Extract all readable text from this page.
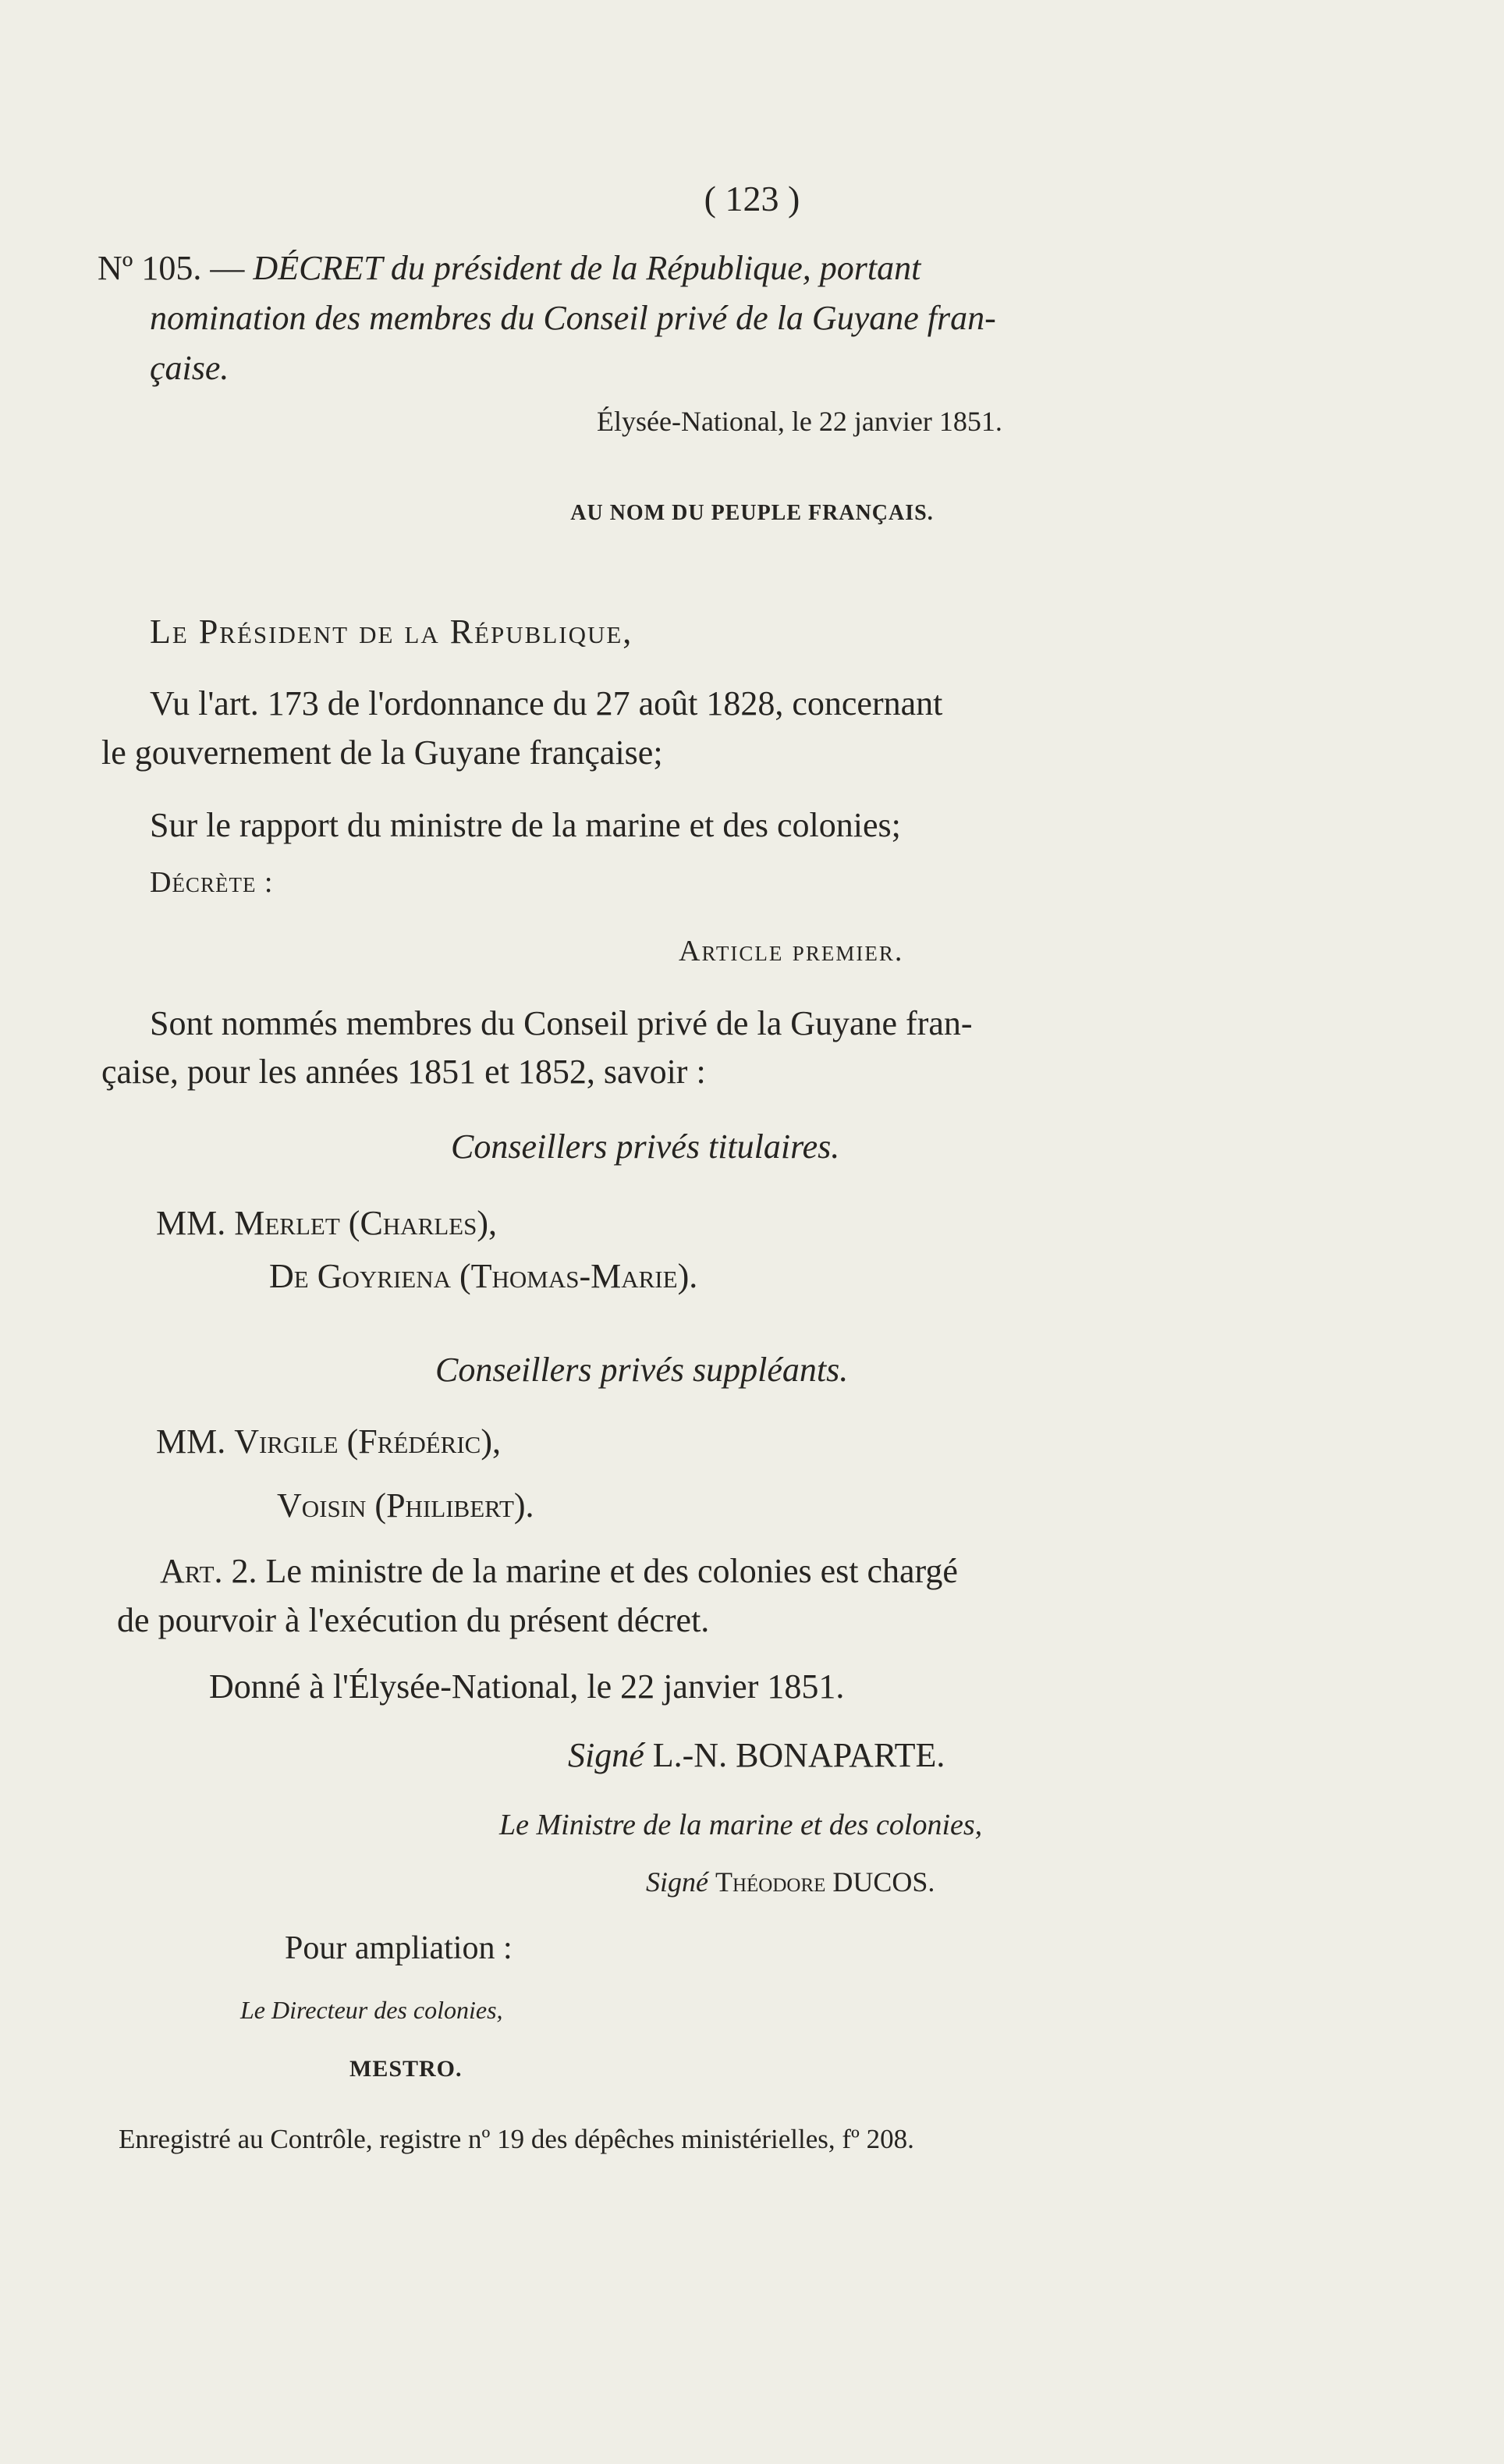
( 123 )
Nº 105. — DÉCRET du président de la République, portant
nomination des membres du Conseil privé de la Guyane fran-
çaise.
Élysée-National, le 22 janvier 1851.
AU NOM DU PEUPLE FRANÇAIS.
Le Président de la République,
Vu l'art. 173 de l'ordonnance du 27 août 1828, concernant
le gouvernement de la Guyane française;
Sur le rapport du ministre de la marine et des colonies;
Décrète :
Article premier.
Sont nommés membres du Conseil privé de la Guyane fran-
çaise, pour les années 1851 et 1852, savoir :
Conseillers privés titulaires.
MM. Merlet (Charles),
De Goyriena (Thomas-Marie).
Conseillers privés suppléants.
MM. Virgile (Frédéric),
Voisin (Philibert).
Art. 2. Le ministre de la marine et des colonies est chargé
de pourvoir à l'exécution du présent décret.
Donné à l'Élysée-National, le 22 janvier 1851.
Signé L.-N. BONAPARTE.
Le Ministre de la marine et des colonies,
Signé Théodore DUCOS.
Pour ampliation :
Le Directeur des colonies,
MESTRO.
Enregistré au Contrôle, registre nº 19 des dépêches ministérielles, fº 208.
